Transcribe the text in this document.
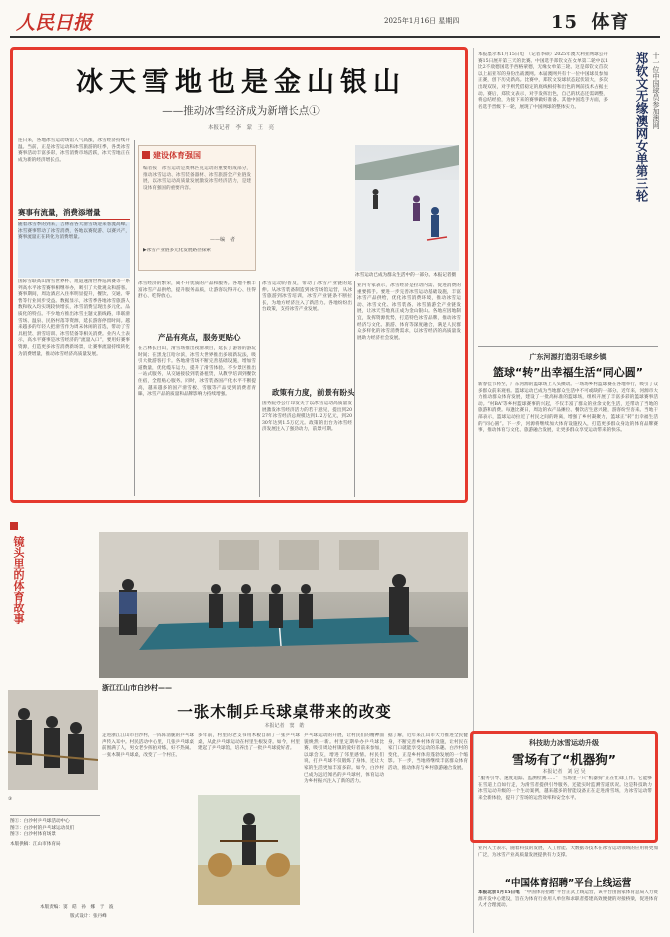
人民日报	2025年1月16日 星期四	15 体育
冰天雪地也是金山银山
——推动冰雪经济成为新增长点①
本报记者　李　蒙　王　亮
连日来，各地冰雪运动场馆人气高涨，冰雪经济持续升温。当前，正是冰雪运动和冰雪旅游的旺季，各类冰雪赛事活动丰富多彩，冰雪消费市场活跃，冰天雪地正在成为新的经济增长点。
赛事有流量，消费添增量
随着冰雪季的到来，吉林省各大滑雪场迎来客流高峰。冰雪赛事带动了冰雪消费，各地以赛促游、以赛兴产，赛事流量正在转化为消费增量。
国际雪联高山滑雪世界杯、短道速滑世界巡回赛等一系列高水平冰雪赛事相继举办，吸引了大批观众和游客。赛事期间，周边酒店入住率明显提升，餐饮、交通、零售等行业同步受益。数据显示，冰雪季各地冰雪旅游人数和收入均实现较快增长，冰雪消费呈现出多元化、品质化的特点。不少地方推出冰雪主题文旅线路，串联滑雪场、温泉、民俗村落等资源，延长游客停留时间。越来越多的年轻人把滑雪作为周末休闲的首选，带动了雪具租赁、滑雪培训、冰雪装备等相关消费。业内人士表示，高水平赛事是冰雪经济的“流量入口”，要用好赛事资源，打造更多冰雪消费新场景，让赛事流量持续转化为消费增量，推动冰雪经济高质量发展。
建设体育强国
编者按　冰雪运动是奥林匹克运动的重要组成部分，推动冰雪运动、冰雪装备器材、冰雪旅游全产业链发展，以冰雪运动高质量发展激发冰雪经济活力，是建设体育强国的重要内容。
——编　者
▶冰雪产业链多元化发展路径探索
冰雪运动已成为群众生活中的一部分。本报记者摄
冰雪经济的繁荣，离不开优质的产品和服务。各地不断丰富冰雪产品供给，提升服务品质，让游客玩得开心、住得舒心、吃得放心。
产品有亮点，服务更贴心
在吉林长白山，滑雪场推出夜滑项目，延长了游客的游玩时间；在黑龙江哈尔滨，冰雪大世界推出多项新玩法，吸引大批游客打卡。各地滑雪场不断完善基础设施，增加雪道数量，优化缆车运力，提升了滑雪体验。不少景区推出一站式服务，从交通接驳到装备租赁，从教学培训到餐饮住宿，全程贴心服务。同时，冰雪装备国产化水平不断提高，越来越多的国产滑雪板、雪服等产品受到消费者青睐，冰雪产品的质量和品牌影响力持续增强。
冰雪运动的普及，带动了冰雪产业链的延伸。从冰雪装备制造到冰雪场馆运营，从冰雪旅游到冰雪培训，冰雪产业链条不断拉长，为地方经济注入了新活力。各地纷纷出台政策，支持冰雪产业发展。
政策有力度，前景有盼头
国务院办公厅印发关于以冰雪运动高质量发展激发冰雪经济活力的若干意见，提出到2027年冰雪经济总规模达到1.2万亿元，到2030年达到1.5万亿元。政策的出台为冰雪经济发展注入了强劲动力，前景可期。
业内专家表示，冰雪经济是拉动内需、促进消费的重要抓手。要进一步完善冰雪运动基础设施，丰富冰雪产品供给，优化冰雪消费环境，推动冰雪运动、冰雪文化、冰雪装备、冰雪旅游全产业链发展，让冰天雪地真正成为金山银山。各地应因地制宜，发挥资源优势，打造特色冰雪品牌，推动冰雪经济与文化、旅游、体育等深度融合，满足人民群众多样化的冰雪消费需求，以冰雪经济的高质量发展助力经济社会发展。
镜头里的体育故事
③
浙江江山市白沙村——
一张木制乒乓球桌带来的改变
本报记者　窦　皓
走进浙江江山市白沙村，一阵阵清脆的乒乓球声传入耳中。村民活动中心里，几张乒乓球桌前围满了人，男女老少挥拍对练，好不热闹。一张木制乒乓球桌，改变了一个村庄。
多年前，村里的老支书用木板自制了一张乒乓球桌，从此乒乓球运动在村里生根发芽。如今，村里建起了乒乓球馆，培养出了一批乒乓球爱好者。
乒乓球运动的开展，让村民们的精神面貌焕然一新。村里定期举办乒乓球比赛，吸引周边村镇的爱好者前来参加，以球会友，增进了邻里感情。村民们说，打乒乓球不仅锻炼了身体，还让大家的生活更加丰富多彩。如今，白沙村已成为远近闻名的乒乓球村，体育运动为乡村振兴注入了新的活力。
据了解，近年来江山市大力推进全民健身，不断完善乡村体育设施，让村民在家门口就能享受运动的乐趣。白沙村的变化，正是乡村体育蓬勃发展的一个缩影。下一步，当地将继续丰富群众体育活动，推动体育与乡村旅游融合发展。
图①：白沙村乒乓球活动中心
图②：白沙村的乒乓球运动员们
图③：白沙村体育场景
本版供稿：江山市体育局
本版责编：窦　皓　孙　娜　于　波
版式设计：张丹峰
本报墨尔本1月15日电　（记者李硕）2025年澳大利亚网球公开赛15日展开第三天的比赛。中国选手郑钦文在女单第二轮中以1比2不敌德国选手西格蒙德，无缘女单第三轮。这是郑钦文首次以上届亚军的身份出战澳网。本届澳网共有十一位中国球员参加正赛，创下历史新高。比赛中，郑钦文发球状态起伏较大，多次出现双误，对手则凭借稳定的底线相持和出色的网前技术占据主动。赛后，郑钦文表示，对手发挥出色，自己的状态还需调整，将总结经验，为接下来的赛事做好准备。其他中国选手方面，多名选手晋级下一轮，展现了中国网球的整体实力。	郑钦文无缘澳网女单第三轮 十一位中国球员参加澳网
广东河源打造羽毛球乡镇
篮球“转”出幸福生活“同心圆”
新春佳节将至，广东河源的篮球场上人头攒动。一场场乡村篮球赛在各地举行，吸引了众多群众前来观看。篮球运动已成为当地群众生活中不可或缺的一部分。近年来，河源市大力推动群众体育发展，建设了一批高标准的篮球场，组织开展了丰富多彩的篮球赛事活动。“村BA”等乡村篮球赛事的兴起，不仅丰富了群众的业余文化生活，还带动了当地的旅游和消费。每逢比赛日，周边的农产品摊位、餐饮店生意兴隆，游客纷至沓来。当地干部表示，篮球运动拉近了村民之间的距离，增强了乡村凝聚力，篮球正“转”出幸福生活的“同心圆”。下一步，河源将继续加大体育设施投入，打造更多群众身边的体育品牌赛事，推动体育与文化、旅游融合发展，让更多群众享受运动带来的快乐。
科技助力冰雪运动升级
雪场有了“机器狗”
本报记者　刘 冠 吴
“服务引导、速度追踪、监测检测……”　雪场里一只“机器狗”正在忙碌工作。它能够在雪道上自如行走，为滑雪者提供引导服务，还能实时监测雪道状况。这是科技助力冰雪运动升级的一个生动案例，越来越多的智能设备正在走进滑雪场，为冰雪运动带来全新体验，提升了雪场的运营效率和安全水平。
业内人士表示，随着科技的发展，人工智能、大数据等技术在冰雪运动领域的应用将更加广泛，为冰雪产业高质量发展提供有力支撑。
“中国体育招聘”平台上线运营
本报北京1月15日电　“中国体育招聘”平台正式上线运营，该平台由国家体育总局人力资源开发中心建设，旨在为体育行业用人单位和求职者搭建高效便捷的对接桥梁，促进体育人才合理流动。
